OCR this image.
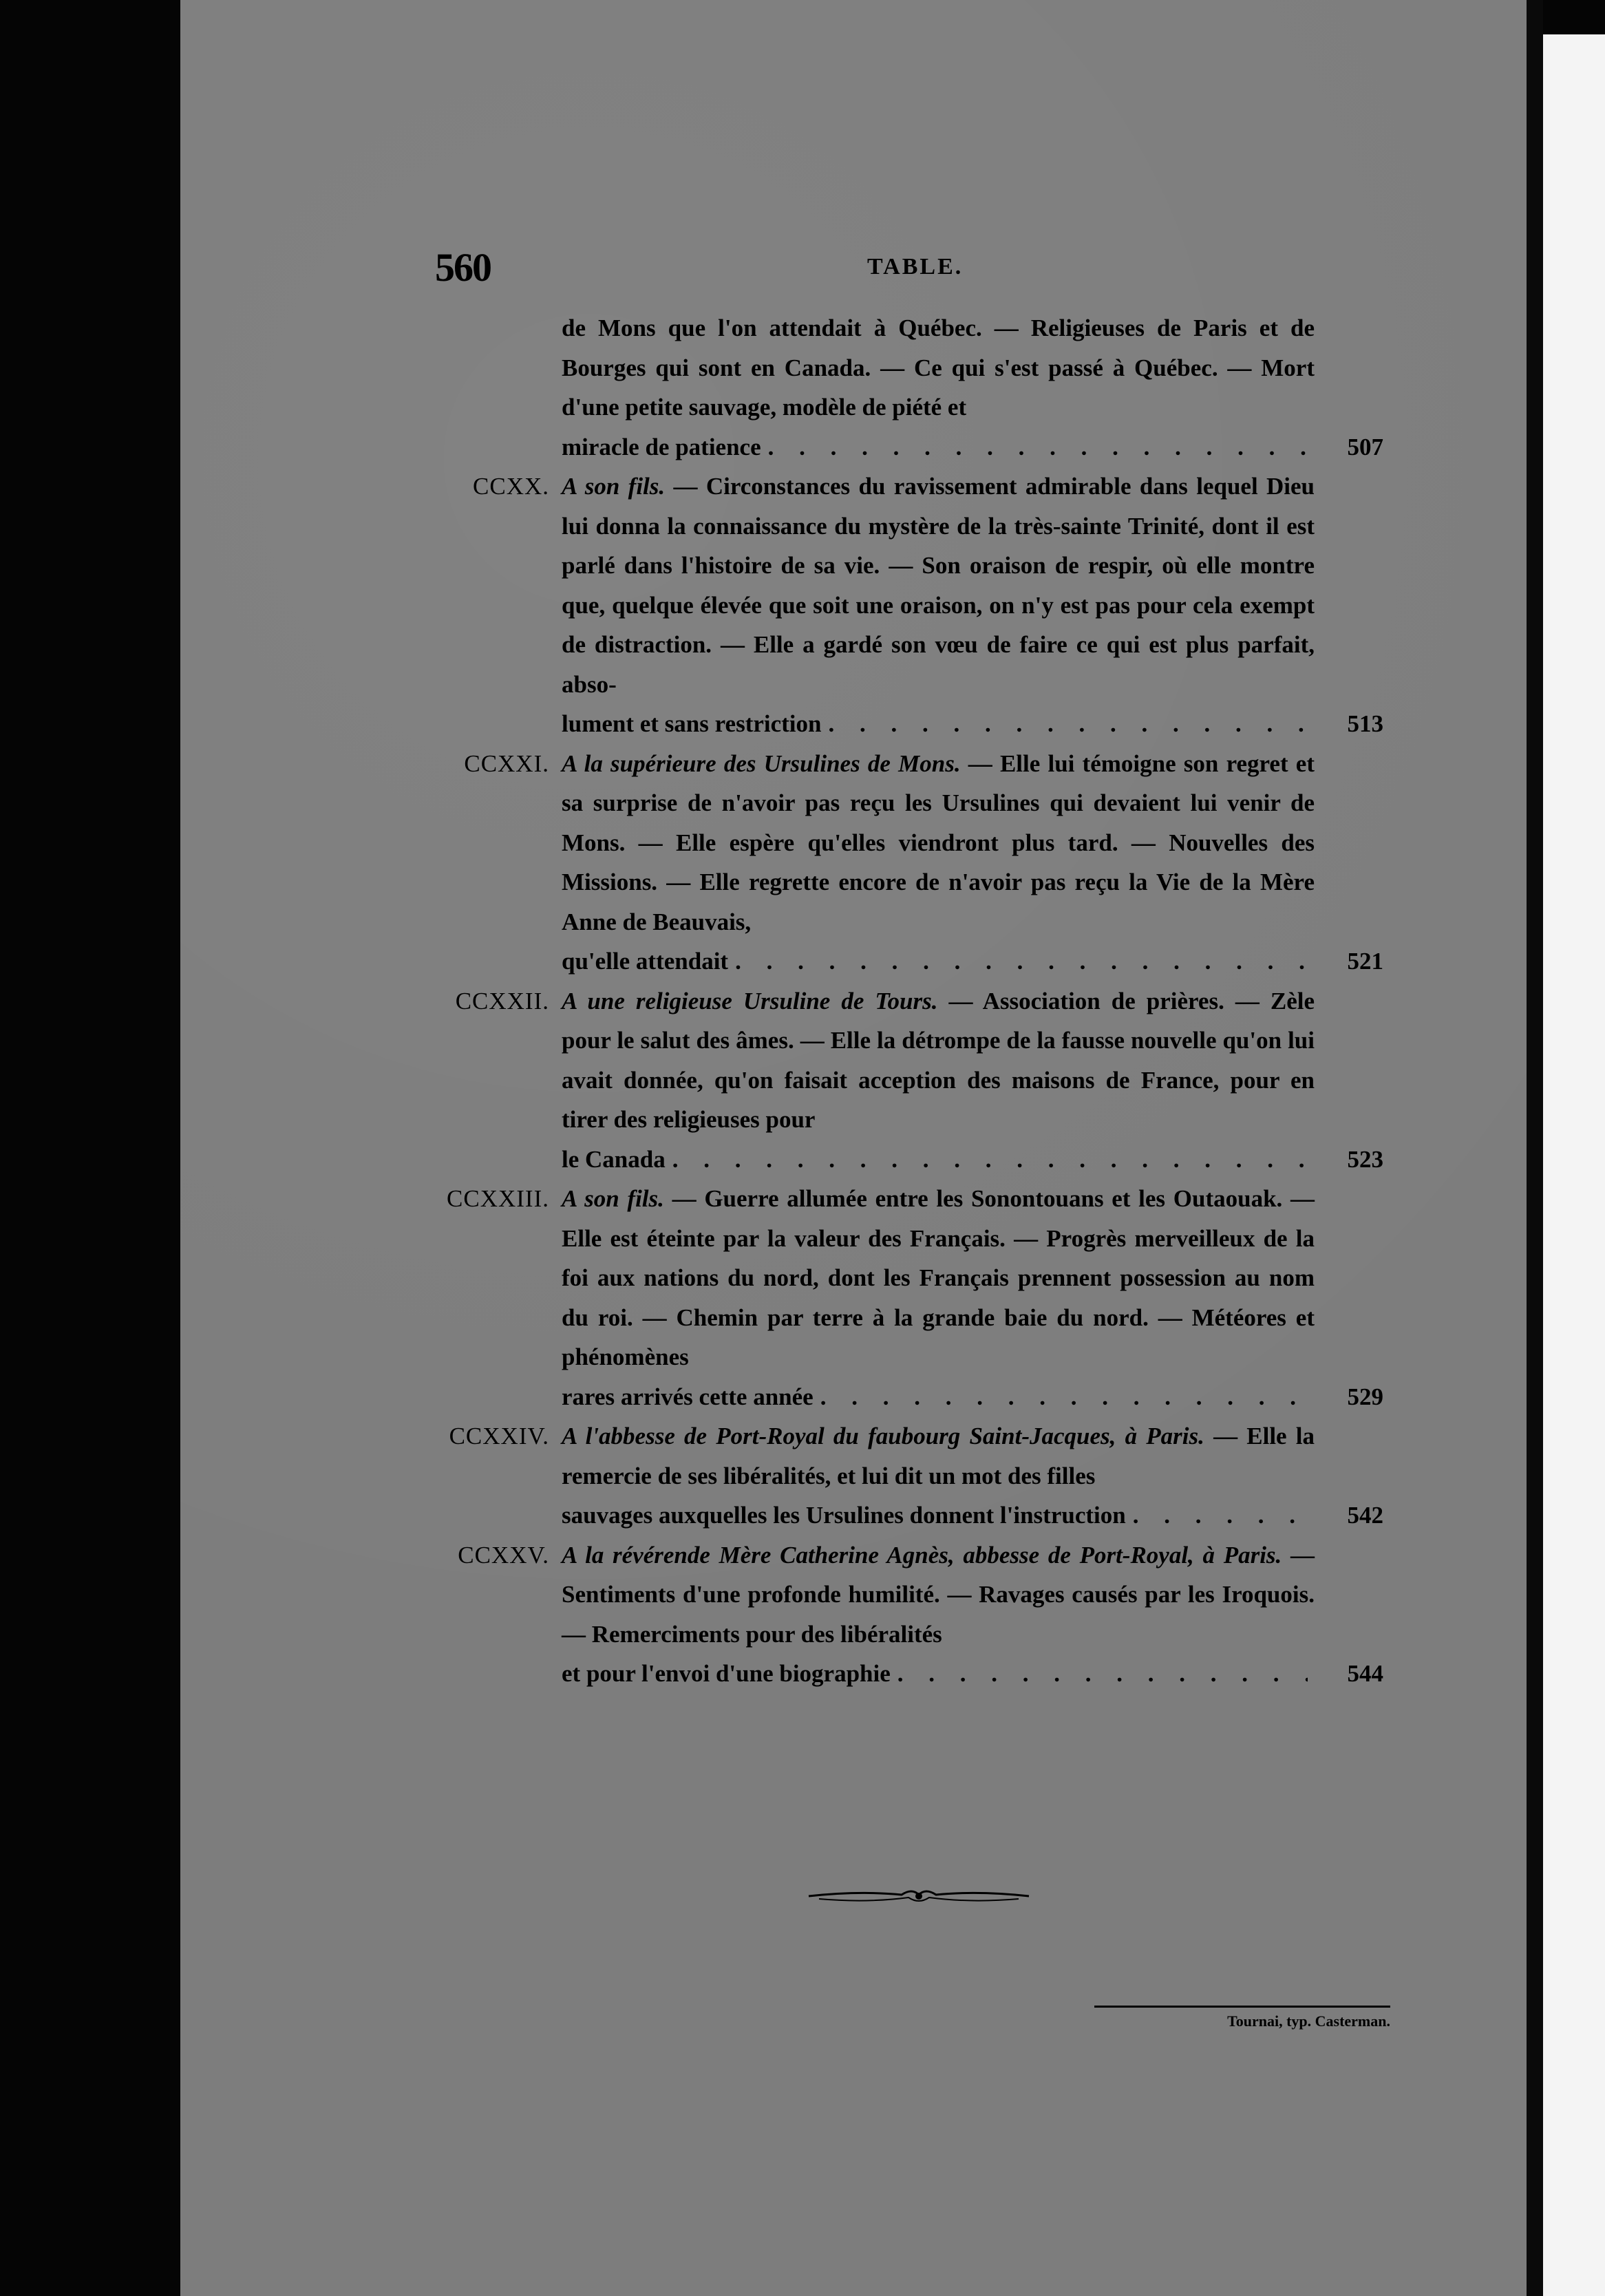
560	TABLE.
de Mons que l'on attendait à Québec. — Religieuses de Paris et de Bourges qui sont en Canada. — Ce qui s'est passé à Québec. — Mort d'une petite sauvage, modèle de piété et
miracle de patience . . .	507
CCXX. A son fils. — Circonstances du ravissement admirable dans lequel Dieu lui donna la connaissance du mystère de la très-sainte Trinité, dont il est parlé dans l'histoire de sa vie. — Son oraison de respir, où elle montre que, quelque élevée que soit une oraison, on n'y est pas pour cela exempt de distraction. — Elle a gardé son vœu de faire ce qui est plus parfait, abso-
lument et sans restriction . . .	513
CCXXI. A la supérieure des Ursulines de Mons. — Elle lui témoigne son regret et sa surprise de n'avoir pas reçu les Ursulines qui devaient lui venir de Mons. — Elle espère qu'elles viendront plus tard. — Nouvelles des Missions. — Elle regrette encore de n'avoir pas reçu la Vie de la Mère Anne de Beauvais,
qu'elle attendait . . .	521
CCXXII. A une religieuse Ursuline de Tours. — Association de prières. — Zèle pour le salut des âmes. — Elle la détrompe de la fausse nouvelle qu'on lui avait donnée, qu'on faisait acception des maisons de France, pour en tirer des religieuses pour
le Canada . . .	523
CCXXIII. A son fils. — Guerre allumée entre les Sonontouans et les Outaouak. — Elle est éteinte par la valeur des Français. — Progrès merveilleux de la foi aux nations du nord, dont les Français prennent possession au nom du roi. — Chemin par terre à la grande baie du nord. — Météores et phénomènes
rares arrivés cette année . . .	529
CCXXIV. A l'abbesse de Port-Royal du faubourg Saint-Jacques, à Paris. — Elle la remercie de ses libéralités, et lui dit un mot des filles
sauvages auxquelles les Ursulines donnent l'instruction . . .	542
CCXXV. A la révérende Mère Catherine Agnès, abbesse de Port-Royal, à Paris. — Sentiments d'une profonde humilité. — Ravages causés par les Iroquois. — Remerciments pour des libéralités
et pour l'envoi d'une biographie . . .	544
Tournai, typ. Casterman.
